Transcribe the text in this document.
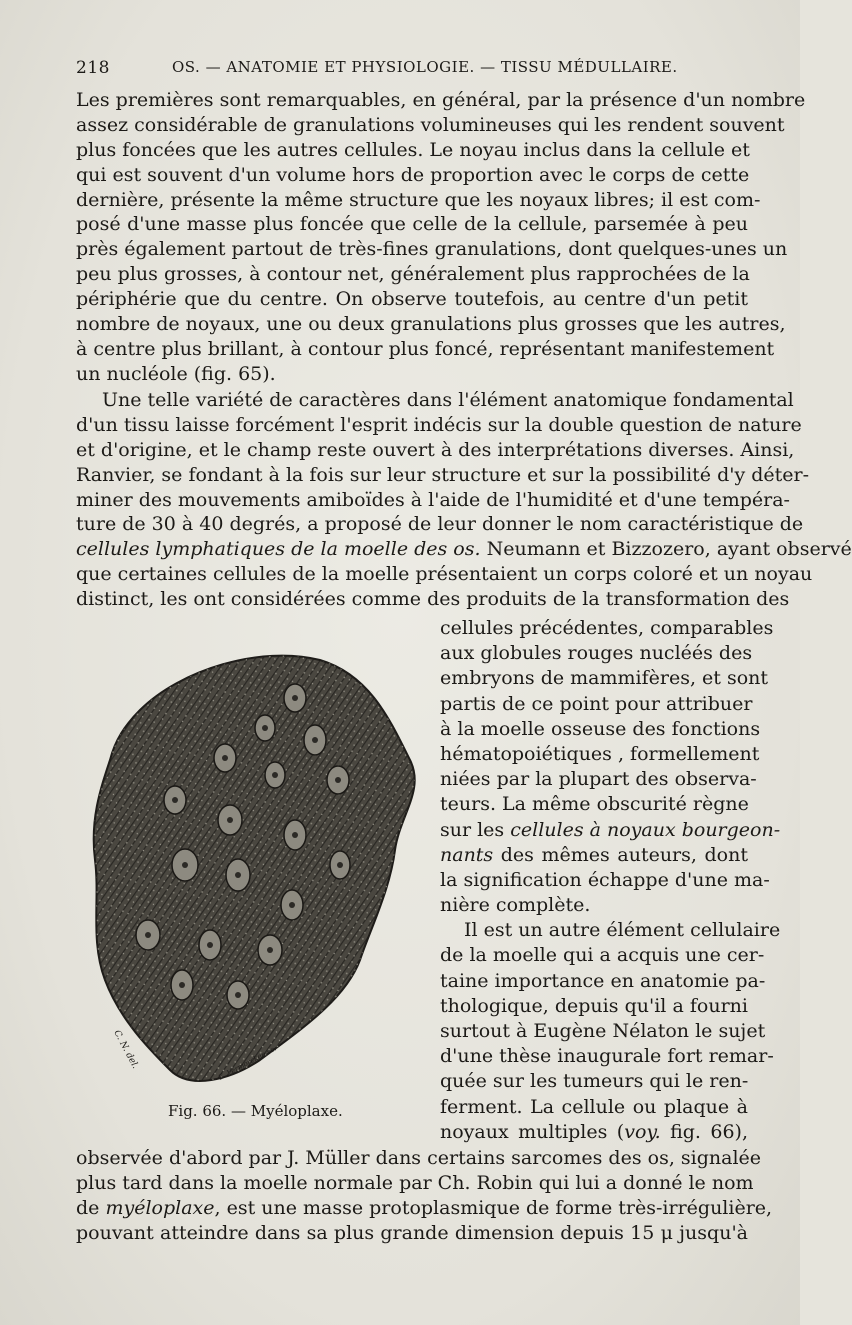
218	OS. — ANATOMIE ET PHYSIOLOGIE. — TISSU MÉDULLAIRE.
Les premières sont remarquables, en général, par la présence d'un nombre
assez considérable de granulations volumineuses qui les rendent souvent
plus foncées que les autres cellules. Le noyau inclus dans la cellule et
qui est souvent d'un volume hors de proportion avec le corps de cette
dernière, présente la même structure que les noyaux libres; il est com-
posé d'une masse plus foncée que celle de la cellule, parsemée à peu
près également partout de très-fines granulations, dont quelques-unes un
peu plus grosses, à contour net, généralement plus rapprochées de la
périphérie que du centre. On observe toutefois, au centre d'un petit
nombre de noyaux, une ou deux granulations plus grosses que les autres,
à centre plus brillant, à contour plus foncé, représentant manifestement
un nucléole (fig. 65).
Une telle variété de caractères dans l'élément anatomique fondamental
d'un tissu laisse forcément l'esprit indécis sur la double question de nature
et d'origine, et le champ reste ouvert à des interprétations diverses. Ainsi,
Ranvier, se fondant à la fois sur leur structure et sur la possibilité d'y déter-
miner des mouvements amiboïdes à l'aide de l'humidité et d'une tempéra-
ture de 30 à 40 degrés, a proposé de leur donner le nom caractéristique de
cellules lymphatiques de la moelle des os. Neumann et Bizzozero, ayant observé
que certaines cellules de la moelle présentaient un corps coloré et un noyau
distinct, les ont considérées comme des produits de la transformation des
cellules précédentes, comparables
aux globules rouges nucléés des
embryons de mammifères, et sont
partis de ce point pour attribuer
à la moelle osseuse des fonctions
hématopoiétiques , formellement
niées par la plupart des observa-
teurs. La même obscurité règne
sur les cellules à noyaux bourgeon-
nants des mêmes auteurs, dont
la signification échappe d'une ma-
nière complète.
Il est un autre élément cellulaire
de la moelle qui a acquis une cer-
taine importance en anatomie pa-
thologique, depuis qu'il a fourni
surtout à Eugène Nélaton le sujet
d'une thèse inaugurale fort remar-
quée sur les tumeurs qui le ren-
ferment. La cellule ou plaque à
noyaux multiples (voy. fig. 66),
C. N. del.	E. Vermorcken sc.
Fig. 66. — Myéloplaxe.
observée d'abord par J. Müller dans certains sarcomes des os, signalée
plus tard dans la moelle normale par Ch. Robin qui lui a donné le nom
de myéloplaxe, est une masse protoplasmique de forme très-irrégulière,
pouvant atteindre dans sa plus grande dimension depuis 15 μ jusqu'à
